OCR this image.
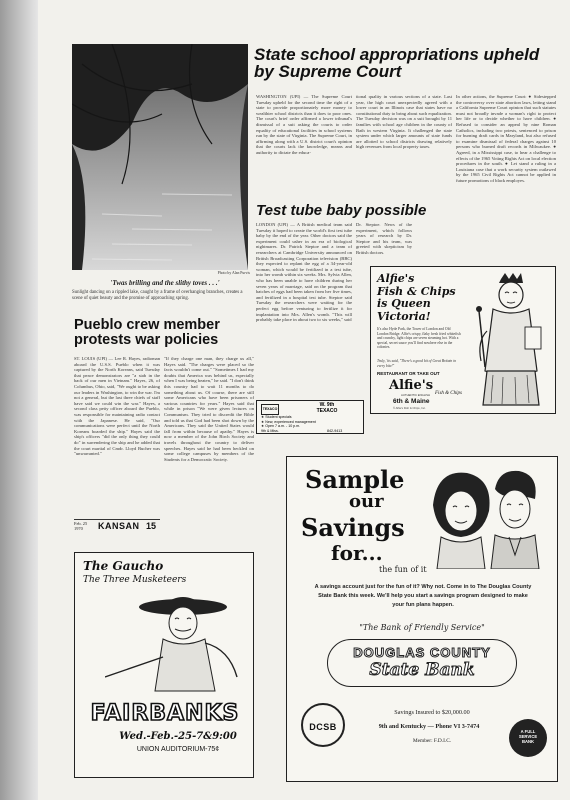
Photo by Alan Purvis
'Twas brilling and the slithy toves . . .'
Sunlight dancing on a rippled lake, caught by a frame of overhanging branches, creates a scene of quiet beauty and the promise of approaching spring.
State school appropriations upheld by Supreme Court
WASHINGTON (UPI) — The Supreme Court Tuesday upheld for the second time the right of a state to provide proportionately more money to wealthier school districts than it does to poor ones. The court's brief order affirmed a lower tribunal's dismissal of a suit asking the courts to order equality of educational facilities in school systems run by the state of Virginia. The Supreme Court, in affirming along with a U.S. district court's opinion that the courts lack the knowledge, means and authority to dictate the educa-
tional quality in various sections of a state. Last year, the high court unexpectedly agreed with a lower court in an Illinois case that states have no constitutional duty to bring about such equalization. The Tuesday decision was on a suit brought by 11 families with school age children in the county of Bath in western Virginia. It challenged the state system under which larger amounts of state funds are allotted to school districts drawing relatively high revenues from local property taxes.
In other actions, the Supreme Court: ● Sidestepped the controversy over state abortion laws, letting stand a California Supreme Court opinion that such statutes must not broadly invade a woman's right to protect her life or to decide whether to have children. ● Refused to consider an appeal by nine Roman Catholics, including two priests, sentenced to prison for burning draft cards in Maryland, but also refused to examine dismissal of federal charges against 10 persons who burned draft records in Milwaukee. ● Agreed, in a Mississippi case, to hear a challenge to effects of the 1965 Voting Rights Act on local election procedures in the south. ● Let stand a ruling in a Louisiana case that a work security system outlawed by the 1965 Civil Rights Act cannot be applied in future promotions of black employes.
Test tube baby possible
LONDON (UPI) — A British medical team said Tuesday it hoped to create the world's first test tube baby by the end of the year. Other doctors said the experiment could usher in an era of biological nightmares. Dr. Patrick Steptoe and a team of researchers at Cambridge University announced on British Broadcasting Corporation television (BBC) they expected to replant the egg of a 34-year-old woman, which would be fertilized in a test tube, into her womb within six weeks. Mrs. Sylvia Allen, who has been unable to have children during her seven years of marriage, said on the program that batches of eggs had been taken from her five times, and fertilized in a hospital test tube. Steptoe said Tuesday the researchers were waiting for the perfect egg before venturing to fertilize it for implantation into Mrs. Allen's womb. "This will probably take place in about two to six weeks," said
Dr. Steptoe. News of the experiment, which follows years of research by Dr. Steptoe and his team, was greeted with skepticism by British doctors.
Pueblo crew member protests war policies
ST. LOUIS (UPI) — Lee R. Hayes, radioman aboard the U.S.S. Pueblo when it was captured by the North Koreans, said Tuesday that peace demonstrators are "a stab in the back of our men in Vietnam." Hayes, 26, of Columbus, Ohio, said, "We ought to be asking our leaders in Washington, to win the war. I'm not a general, but the last three chiefs of staff have said we could win the war." Hayes, a second class petty officer aboard the Pueblo, was responsible for maintaining radio contact with the Japanese. He said, "Our communications were perfect until the North Koreans boarded the ship." Hayes said the ship's officers "did the only thing they could do" in surrendering the ship and he added that the court martial of Cmdr. Lloyd Bucher was "unwarranted."
"If they charge one man, they charge us all," Hayes said. "The charges were placed so the facts wouldn't come out." "Sometimes I had my doubts that America was behind us, especially when I was being beaten," he said. "I don't think this country had to wait 11 months to do something about us. Of course, there are still some Americans who have been prisoners of various countries for years." Hayes said that while in prison "We were given lectures on Communism. They tried to discredit the Bible and told us that God had been shot down by the Americans. They said the United States would fall from within because of apathy." Hayes is now a member of the John Birch Society and travels throughout the country to deliver speeches. Hayes said he had been heckled on some college campuses by members of the Students for a Democratic Society.
Feb. 25
1970	KANSAN 15
TEXACO
W. 9th
TEXACO
★ Student specials
★ New, experienced management
★ Open 7 a.m. - 10 p.m.
9th & Miss.	842-9413
Alfie's
Fish & Chips
is Queen
Victoria!
It's also Hyde Park, the Tower of London and Old London Bridge. Alfie's crispy, flaky fresh fried whitefish and crunchy, light chips are seven steaming hot. With a special, secret sauce you'll find nowhere else in the colonies.
Truly, 'tis said, "There's a good bit of Great Britain in every bite!"
RESTAURANT OR TAKE OUT
Alfie's
AUTHENTIC ENGLISH Fish & Chips
6th & Maine
© Alfie's Fish & Chips, Inc.
Sample
our
Savings
for...
the fun of it
A savings account just for the fun of it? Why not. Come in to The Douglas County State Bank this week. We'll help you start a savings program designed to make your fun plans happen.
"The Bank of Friendly Service"
DOUGLAS COUNTY
State Bank
DCSB
Savings Insured to $20,000.00
9th and Kentucky — Phone VI 3-7474
Member: F.D.I.C.
A FULL SERVICE BANK
The Gaucho
The Three Musketeers
FAIRBANKS
Wed.-Feb.-25-7&9:00
UNION AUDITORIUM-75¢
